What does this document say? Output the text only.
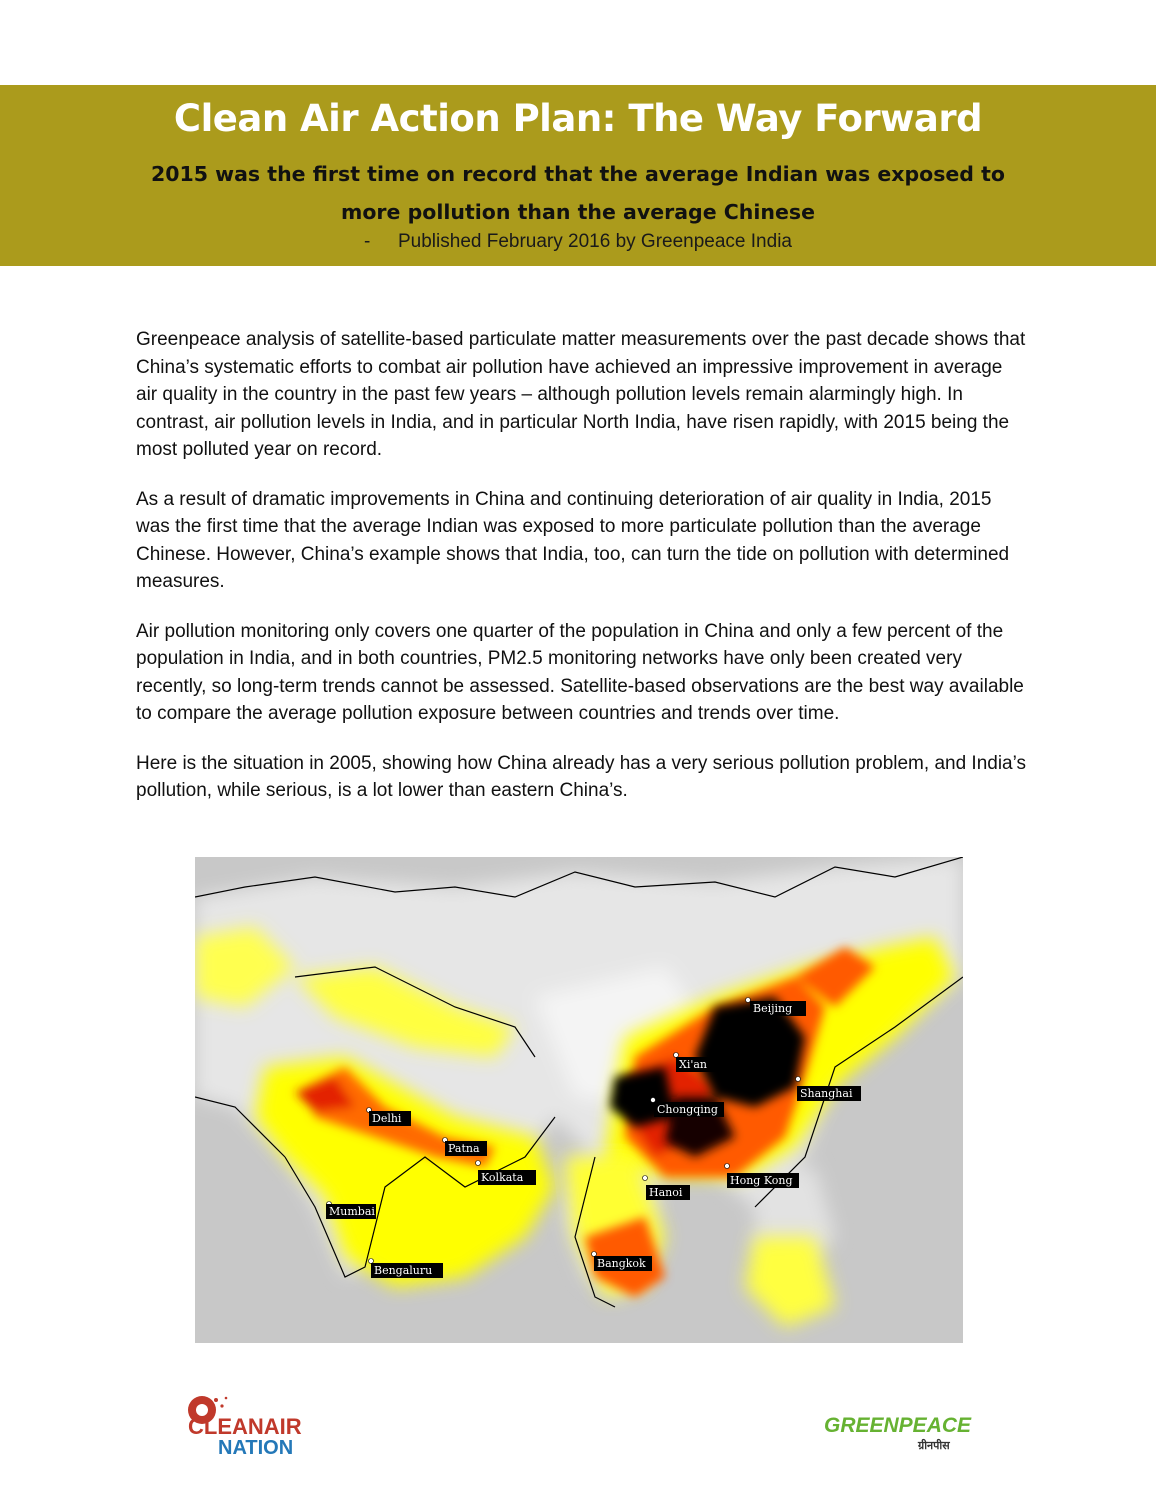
Clean Air Action Plan: The Way Forward
2015 was the first time on record that the average Indian was exposed to more pollution than the average Chinese
- Published February 2016 by Greenpeace India

Greenpeace analysis of satellite-based particulate matter measurements over the past decade shows that China’s systematic efforts to combat air pollution have achieved an impressive improvement in average air quality in the country in the past few years – although pollution levels remain alarmingly high. In contrast, air pollution levels in India, and in particular North India, have risen rapidly, with 2015 being the most polluted year on record.

As a result of dramatic improvements in China and continuing deterioration of air quality in India, 2015 was the first time that the average Indian was exposed to more particulate pollution than the average Chinese. However, China’s example shows that India, too, can turn the tide on pollution with determined measures.

Air pollution monitoring only covers one quarter of the population in China and only a few percent of the population in India, and in both countries, PM2.5 monitoring networks have only been created very recently, so long-term trends cannot be assessed. Satellite-based observations are the best way available to compare the average pollution exposure between countries and trends over time.

Here is the situation in 2005, showing how China already has a very serious pollution problem, and India’s pollution, while serious, is a lot lower than eastern China’s.

Beijing
Xi'an
Shanghai
Chongqing
Delhi
Patna
Kolkata	Hong Kong
Hanoi
Mumbai
Bengaluru
Bangkok
CLEANAIR
NATION
GREENPEACE
ग्रीनपीस
